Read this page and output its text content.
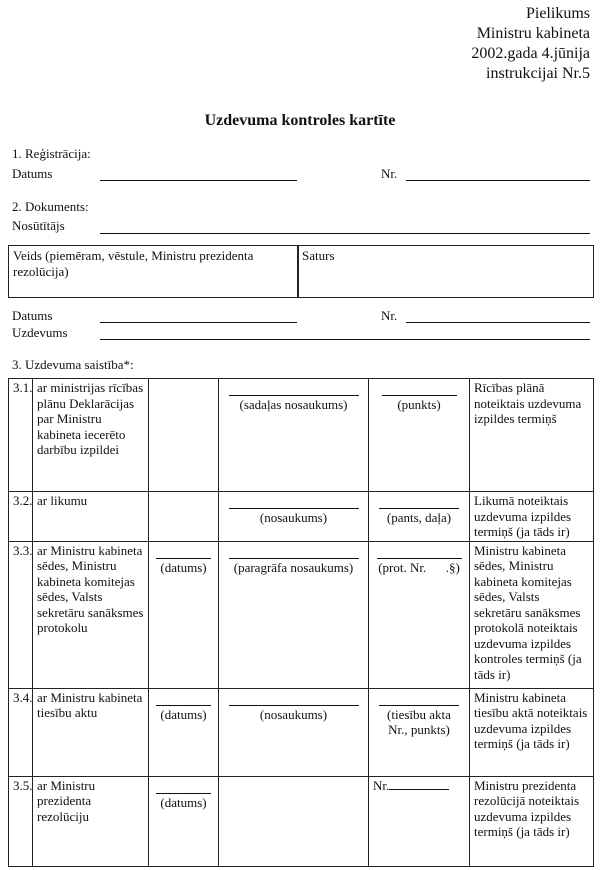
Pielikums
Ministru kabineta
2002.gada 4.jūnija
instrukcijai Nr.5
Uzdevuma kontroles kartīte
1. Reģistrācija:
Datums	Nr.
2. Dokuments:
Nosūtītājs
Veids (piemēram, vēstule, Ministru prezidenta rezolūcija)
Saturs
Datums	Nr.
Uzdevums
3. Uzdevuma saistība*:
3.1.	ar ministrijas rīcības plānu Deklarācijas par Ministru kabineta iecerēto darbību izpildei		(sadaļas nosaukums)	(punkts)	Rīcības plānā noteiktais uzdevuma izpildes termiņš
3.2.	ar likumu		(nosaukums)	(pants, daļa)	Likumā noteiktais uzdevuma izpildes termiņš (ja tāds ir)
3.3.	ar Ministru kabineta sēdes, Ministru kabineta komitejas sēdes, Valsts sekretāru sanāksmes protokolu	(datums)	(paragrāfa nosaukums)	(prot. Nr.      .§)	Ministru kabineta sēdes, Ministru kabineta komitejas sēdes, Valsts sekretāru sanāksmes protokolā noteiktais uzdevuma izpildes kontroles termiņš (ja tāds ir)
3.4.	ar Ministru kabineta tiesību aktu	(datums)	(nosaukums)	(tiesību akta Nr., punkts)	Ministru kabineta tiesību aktā noteiktais uzdevuma izpildes termiņš (ja tāds ir)
3.5.	ar Ministru prezidenta rezolūciju	(datums)		Nr.	Ministru prezidenta rezolūcijā noteiktais uzdevuma izpildes termiņš (ja tāds ir)
